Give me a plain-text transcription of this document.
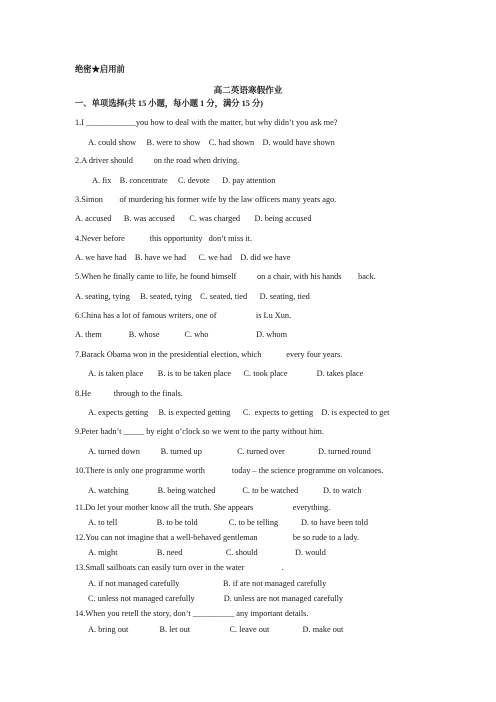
绝密★启用前
高二英语寒假作业
一、单项选择(共 15 小题，每小题 1 分，满分 15 分)
1.I ____________you how to deal with the matter, but why didn’t you ask me?
A. could show     B. were to show    C. had shown    D. would have shown
2.A driver should          on the road when driving.
A. fix    B. concentrate     C. devote      D. pay attention
3.Simon        of murdering his former wife by the law officers many years ago.
A. accused      B. was accused       C. was charged       D. being accused
4.Never before            this opportunity   don’t miss it.
A. we have had    B. have we had      C. we had    D. did we have
5.When he finally came to life, he found himself          on a chair, with his hands        back.
A. seating, tying     B. seated, tying    C. seated, tied      D. seating, tied
6.China has a lot of famous writers, one of                   is Lu Xun.
A. them             B. whose            C. who                       D. whom
7.Barack Obama won in the presidential election, which            every four years.
A. is taken place       B. is to be taken place      C. took place              D. takes place
8.He           through to the finals.
A. expects getting     B. is expected getting      C.  expects to getting    D. is expected to get
9.Peter hadn’t _____ by eight o’clock so we went to the party without him.
A. turned down          B. turned up                 C. turned over                D. turned round
10.There is only one programme worth             today – the science programme on volcanoes.
A. watching              B. being watched             C. to be watched            D. to watch
11.Do let your mother know all the truth. She appears                   everything.
A. to tell                   B. to be told               C. to be telling           D. to have been told
12.You can not imagine that a well-behaved gentleman                 be so rude to a lady.
A. might                   B. need                     C. should                  D. would
13.Small sailboats can easily turn over in the water                  .
A. if not managed carefully                     B. if are not managed carefully
C. unless not managed carefully              D. unless are not managed carefully
14.When you retell the story, don’t __________ any important details.
A. bring out               B. let out                   C. leave out                D. make out
